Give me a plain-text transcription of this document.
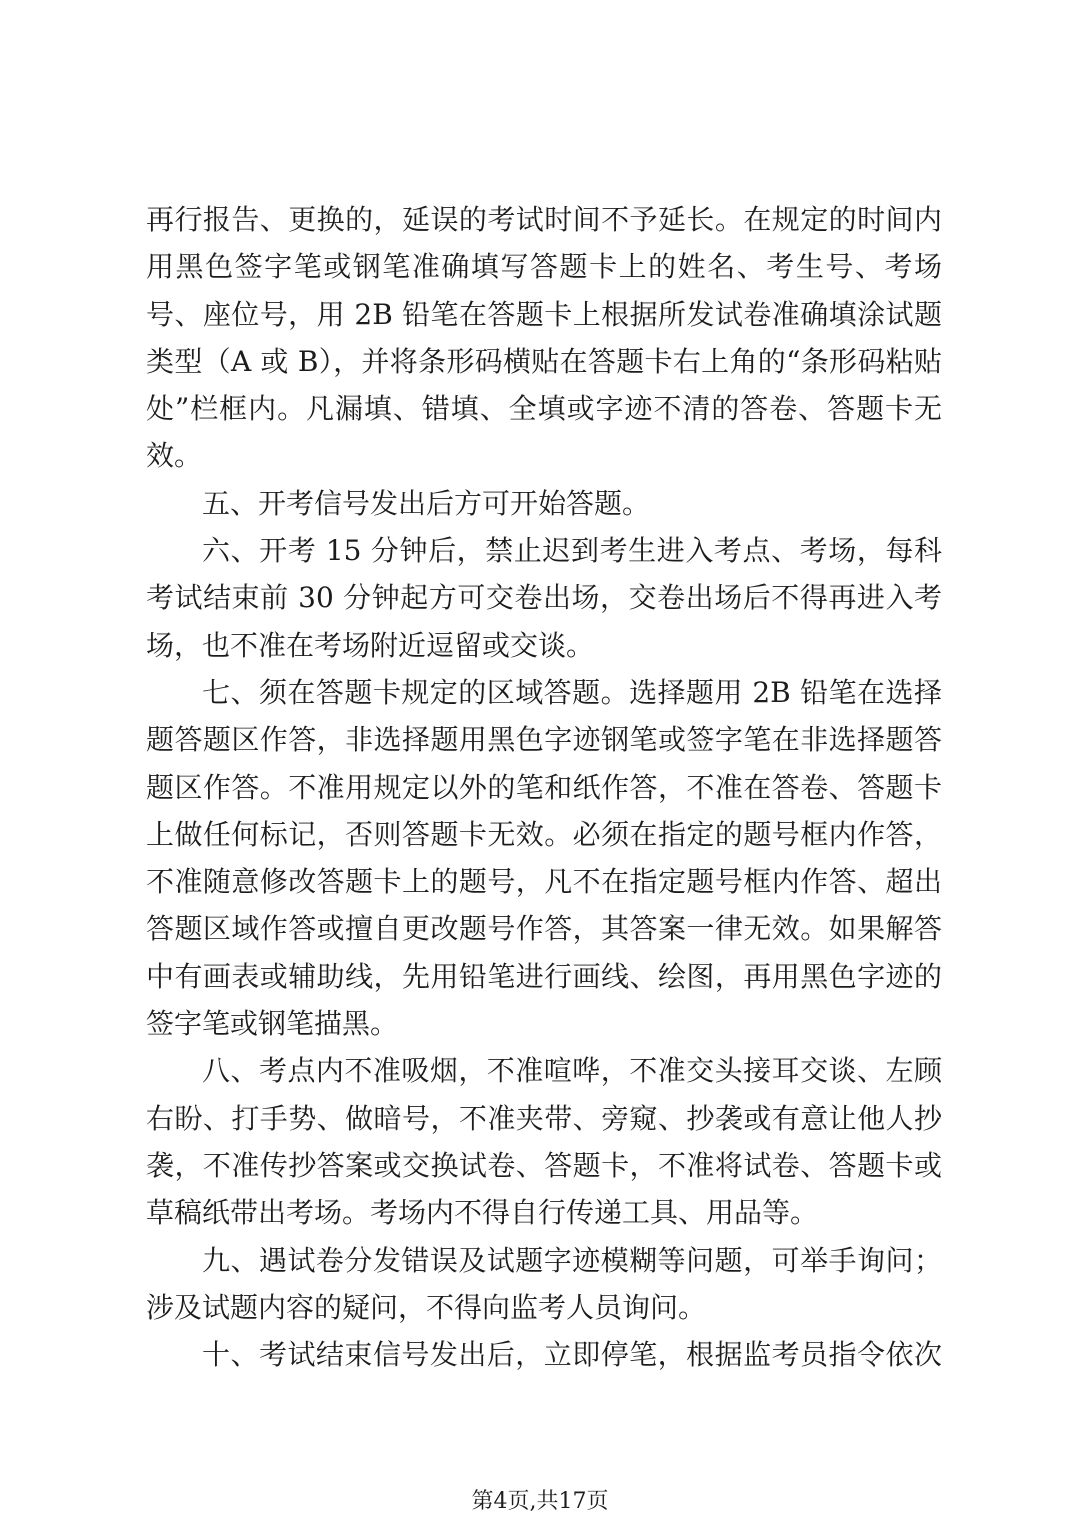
再行报告、更换的，延误的考试时间不予延长。在规定的时间内用黑色签字笔或钢笔准确填写答题卡上的姓名、考生号、考场号、座位号，用 2B 铅笔在答题卡上根据所发试卷准确填涂试题类型（A 或 B），并将条形码横贴在答题卡右上角的“条形码粘贴处”栏框内。凡漏填、错填、全填或字迹不清的答卷、答题卡无效。

五、开考信号发出后方可开始答题。

六、开考 15 分钟后，禁止迟到考生进入考点、考场，每科考试结束前 30 分钟起方可交卷出场，交卷出场后不得再进入考场，也不准在考场附近逗留或交谈。

七、须在答题卡规定的区域答题。选择题用 2B 铅笔在选择题答题区作答，非选择题用黑色字迹钢笔或签字笔在非选择题答题区作答。不准用规定以外的笔和纸作答，不准在答卷、答题卡上做任何标记，否则答题卡无效。必须在指定的题号框内作答，不准随意修改答题卡上的题号，凡不在指定题号框内作答、超出答题区域作答或擅自更改题号作答，其答案一律无效。如果解答中有画表或辅助线，先用铅笔进行画线、绘图，再用黑色字迹的签字笔或钢笔描黑。

八、考点内不准吸烟，不准喧哗，不准交头接耳交谈、左顾右盼、打手势、做暗号，不准夹带、旁窥、抄袭或有意让他人抄袭，不准传抄答案或交换试卷、答题卡，不准将试卷、答题卡或草稿纸带出考场。考场内不得自行传递工具、用品等。

九、遇试卷分发错误及试题字迹模糊等问题，可举手询问；涉及试题内容的疑问，不得向监考人员询问。

十、考试结束信号发出后，立即停笔，根据监考员指令依次

第4页,共17页
